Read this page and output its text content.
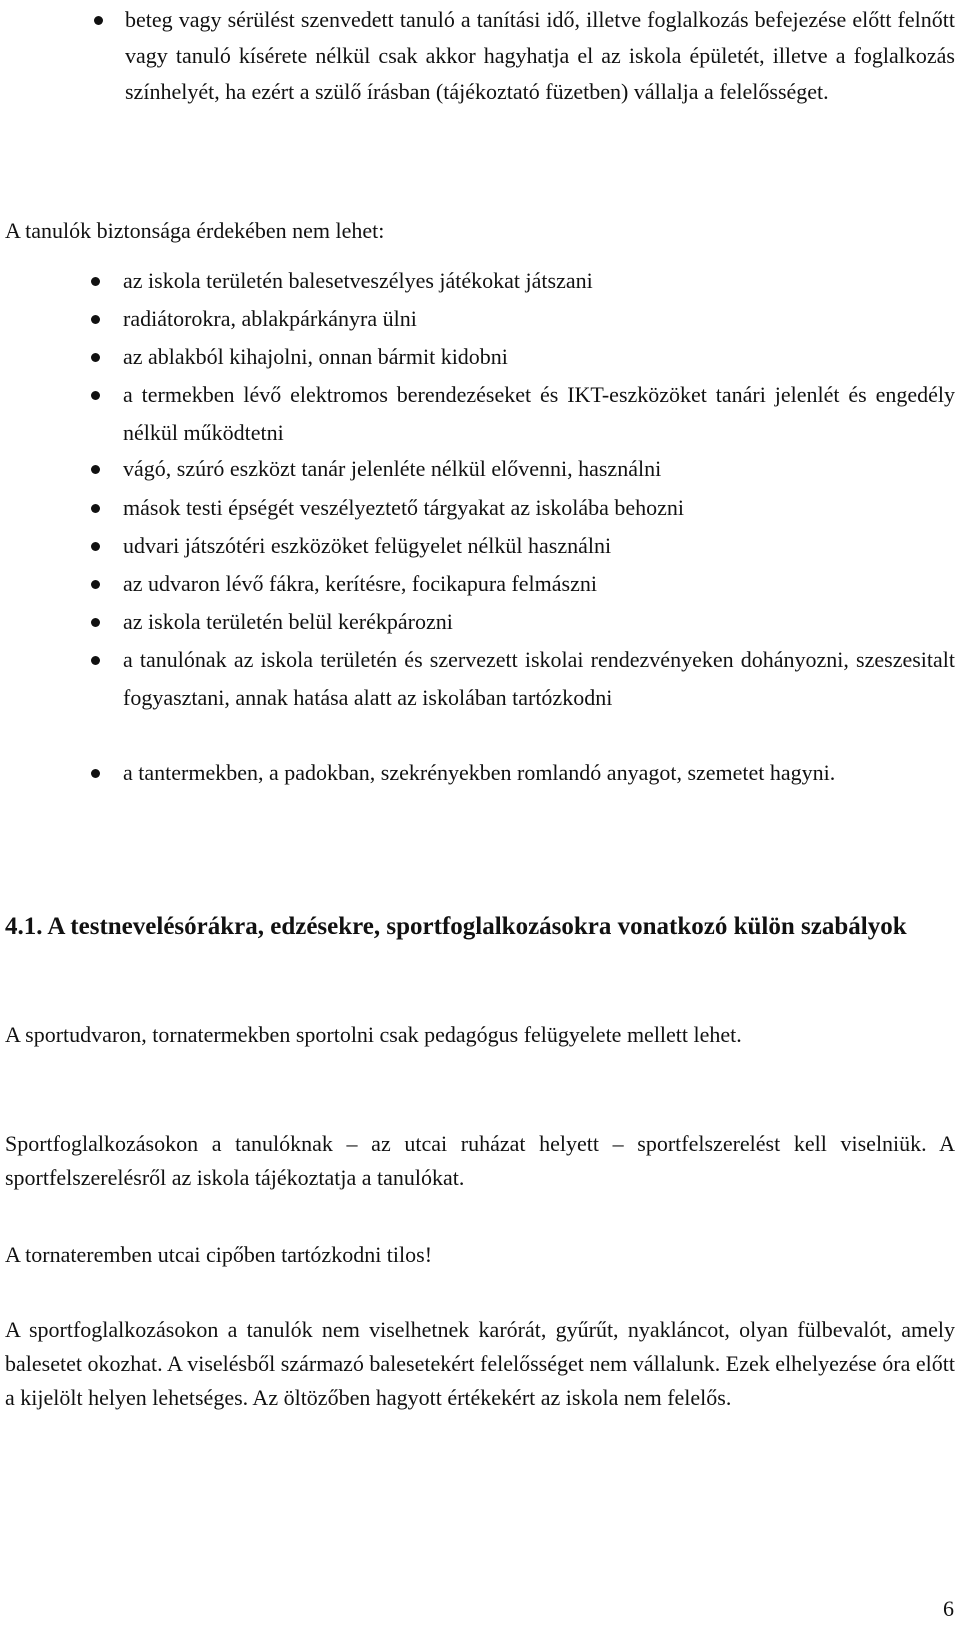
beteg vagy sérülést szenvedett tanuló a tanítási idő, illetve foglalkozás befejezése előtt felnőtt vagy tanuló kísérete nélkül csak akkor hagyhatja el az iskola épületét, illetve a foglalkozás színhelyét, ha ezért a szülő írásban (tájékoztató füzetben) vállalja a felelősséget.

A tanulók biztonsága érdekében nem lehet:

az iskola területén balesetveszélyes játékokat játszani
radiátorokra, ablakpárkányra ülni
az ablakból kihajolni, onnan bármit kidobni
a termekben lévő elektromos berendezéseket és IKT-eszközöket tanári jelenlét és engedély nélkül működtetni
vágó, szúró eszközt tanár jelenléte nélkül elővenni, használni
mások testi épségét veszélyeztető tárgyakat az iskolába behozni
udvari játszótéri eszközöket felügyelet nélkül használni
az udvaron lévő fákra, kerítésre, focikapura felmászni
az iskola területén belül kerékpározni
a tanulónak az iskola területén és szervezett iskolai rendezvényeken dohányozni, szeszesitalt fogyasztani, annak hatása alatt az iskolában tartózkodni
a tantermekben, a padokban, szekrényekben romlandó anyagot, szemetet hagyni.
4.1. A testnevelésórákra, edzésekre, sportfoglalkozásokra vonatkozó külön szabályok

A sportudvaron, tornatermekben sportolni csak pedagógus felügyelete mellett lehet.

Sportfoglalkozásokon a tanulóknak – az utcai ruházat helyett – sportfelszerelést kell viselniük. A sportfelszerelésről az iskola tájékoztatja a tanulókat.

A tornateremben utcai cipőben tartózkodni tilos!

A sportfoglalkozásokon a tanulók nem viselhetnek karórát, gyűrűt, nyakláncot, olyan fülbevalót, amely balesetet okozhat. A viselésből származó balesetekért felelősséget nem vállalunk. Ezek elhelyezése óra előtt a kijelölt helyen lehetséges. Az öltözőben hagyott értékekért az iskola nem felelős.

6
